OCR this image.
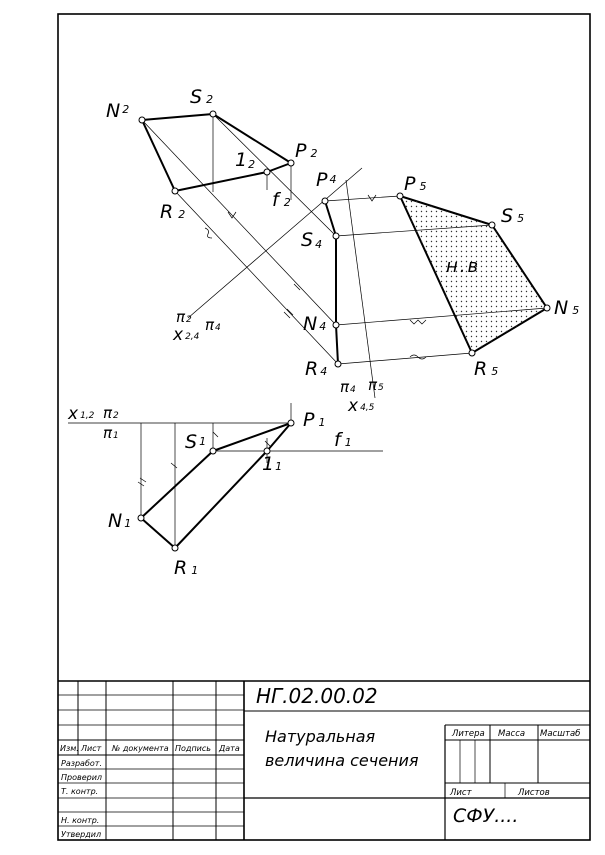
N $^2$
S 2
P 2
12
f 2
R 2
P 4
S 4
N 4
R 4
P 5
S 5
N 5
R 5
н.в
P 1
S 1	f 1
11
N 1
R 1
π2 π4
x 2,4
π4 π5
x 4,5
x 1,2 π2
π1
НГ.02.00.02
Натуральная
величина сечения
Изм. Лист № документа Подпись Дата
Разработ.
Проверил
Т. контр.
Н. контр.
Утвердил
Литера Масса Масштаб
Лист	Листов
СФУ....
